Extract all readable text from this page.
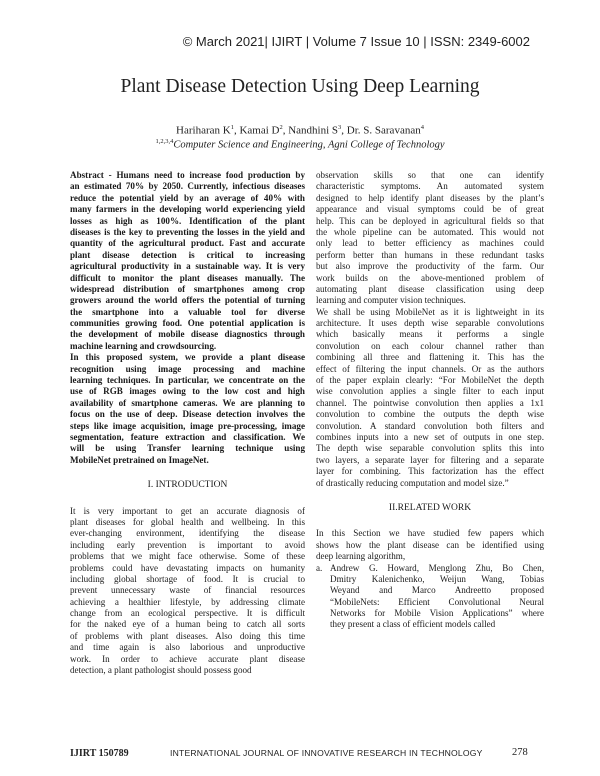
© March 2021| IJIRT | Volume 7 Issue 10 | ISSN: 2349-6002
Plant Disease Detection Using Deep Learning
Hariharan $K^1$, Kamai $D^2$, Nandhini $S^3$, Dr. S. Saravanan$^4$
$^{1,2,3,4}$Computer Science and Engineering, Agni College of Technology
Abstract - Humans need to increase food production by
an estimated 70% by 2050. Currently, infectious diseases
reduce the potential yield by an average of 40% with
many farmers in the developing world experiencing yield
losses as high as 100%. Identification of the plant
diseases is the key to preventing the losses in the yield and
quantity of the agricultural product. Fast and accurate
plant disease detection is critical to increasing
agricultural productivity in a sustainable way. It is very
difficult to monitor the plant diseases manually. The
widespread distribution of smartphones among crop
growers around the world offers the potential of turning
the smartphone into a valuable tool for diverse
communities growing food. One potential application is
the development of mobile disease diagnostics through
machine learning and crowdsourcing.
In this proposed system, we provide a plant disease
recognition using image processing and machine
learning techniques. In particular, we concentrate on the
use of RGB images owing to the low cost and high
availability of smartphone cameras. We are planning to
focus on the use of deep. Disease detection involves the
steps like image acquisition, image pre-processing, image
segmentation, feature extraction and classification. We
will be using Transfer learning technique using
MobileNet pretrained on ImageNet.
I. INTRODUCTION
It is very important to get an accurate diagnosis of
plant diseases for global health and wellbeing. In this
ever-changing environment, identifying the disease
including early prevention is important to avoid
problems that we might face otherwise. Some of these
problems could have devastating impacts on humanity
including global shortage of food. It is crucial to
prevent unnecessary waste of financial resources
achieving a healthier lifestyle, by addressing climate
change from an ecological perspective. It is difficult
for the naked eye of a human being to catch all sorts
of problems with plant diseases. Also doing this time
and time again is also laborious and unproductive
work. In order to achieve accurate plant disease
detection, a plant pathologist should possess good
observation skills so that one can identify
characteristic symptoms. An automated system
designed to help identify plant diseases by the plant’s
appearance and visual symptoms could be of great
help. This can be deployed in agricultural fields so that
the whole pipeline can be automated. This would not
only lead to better efficiency as machines could
perform better than humans in these redundant tasks
but also improve the productivity of the farm. Our
work builds on the above-mentioned problem of
automating plant disease classification using deep
learning and computer vision techniques.
We shall be using MobileNet as it is lightweight in its
architecture. It uses depth wise separable convolutions
which basically means it performs a single
convolution on each colour channel rather than
combining all three and flattening it. This has the
effect of filtering the input channels. Or as the authors
of the paper explain clearly: “For MobileNet the depth
wise convolution applies a single filter to each input
channel. The pointwise convolution then applies a 1x1
convolution to combine the outputs the depth wise
convolution. A standard convolution both filters and
combines inputs into a new set of outputs in one step.
The depth wise separable convolution splits this into
two layers, a separate layer for filtering and a separate
layer for combining. This factorization has the effect
of drastically reducing computation and model size.”
II.RELATED WORK
In this Section we have studied few papers which
shows how the plant disease can be identified using
deep learning algorithm,
a. Andrew G. Howard, Menglong Zhu, Bo Chen,
Dmitry Kalenichenko, Weijun Wang, Tobias
Weyand and Marco Andreetto proposed
“MobileNets: Efficient Convolutional Neural
Networks for Mobile Vision Applications” where
they present a class of efficient models called
IJIRT 150789	INTERNATIONAL JOURNAL OF INNOVATIVE RESEARCH IN TECHNOLOGY	278
